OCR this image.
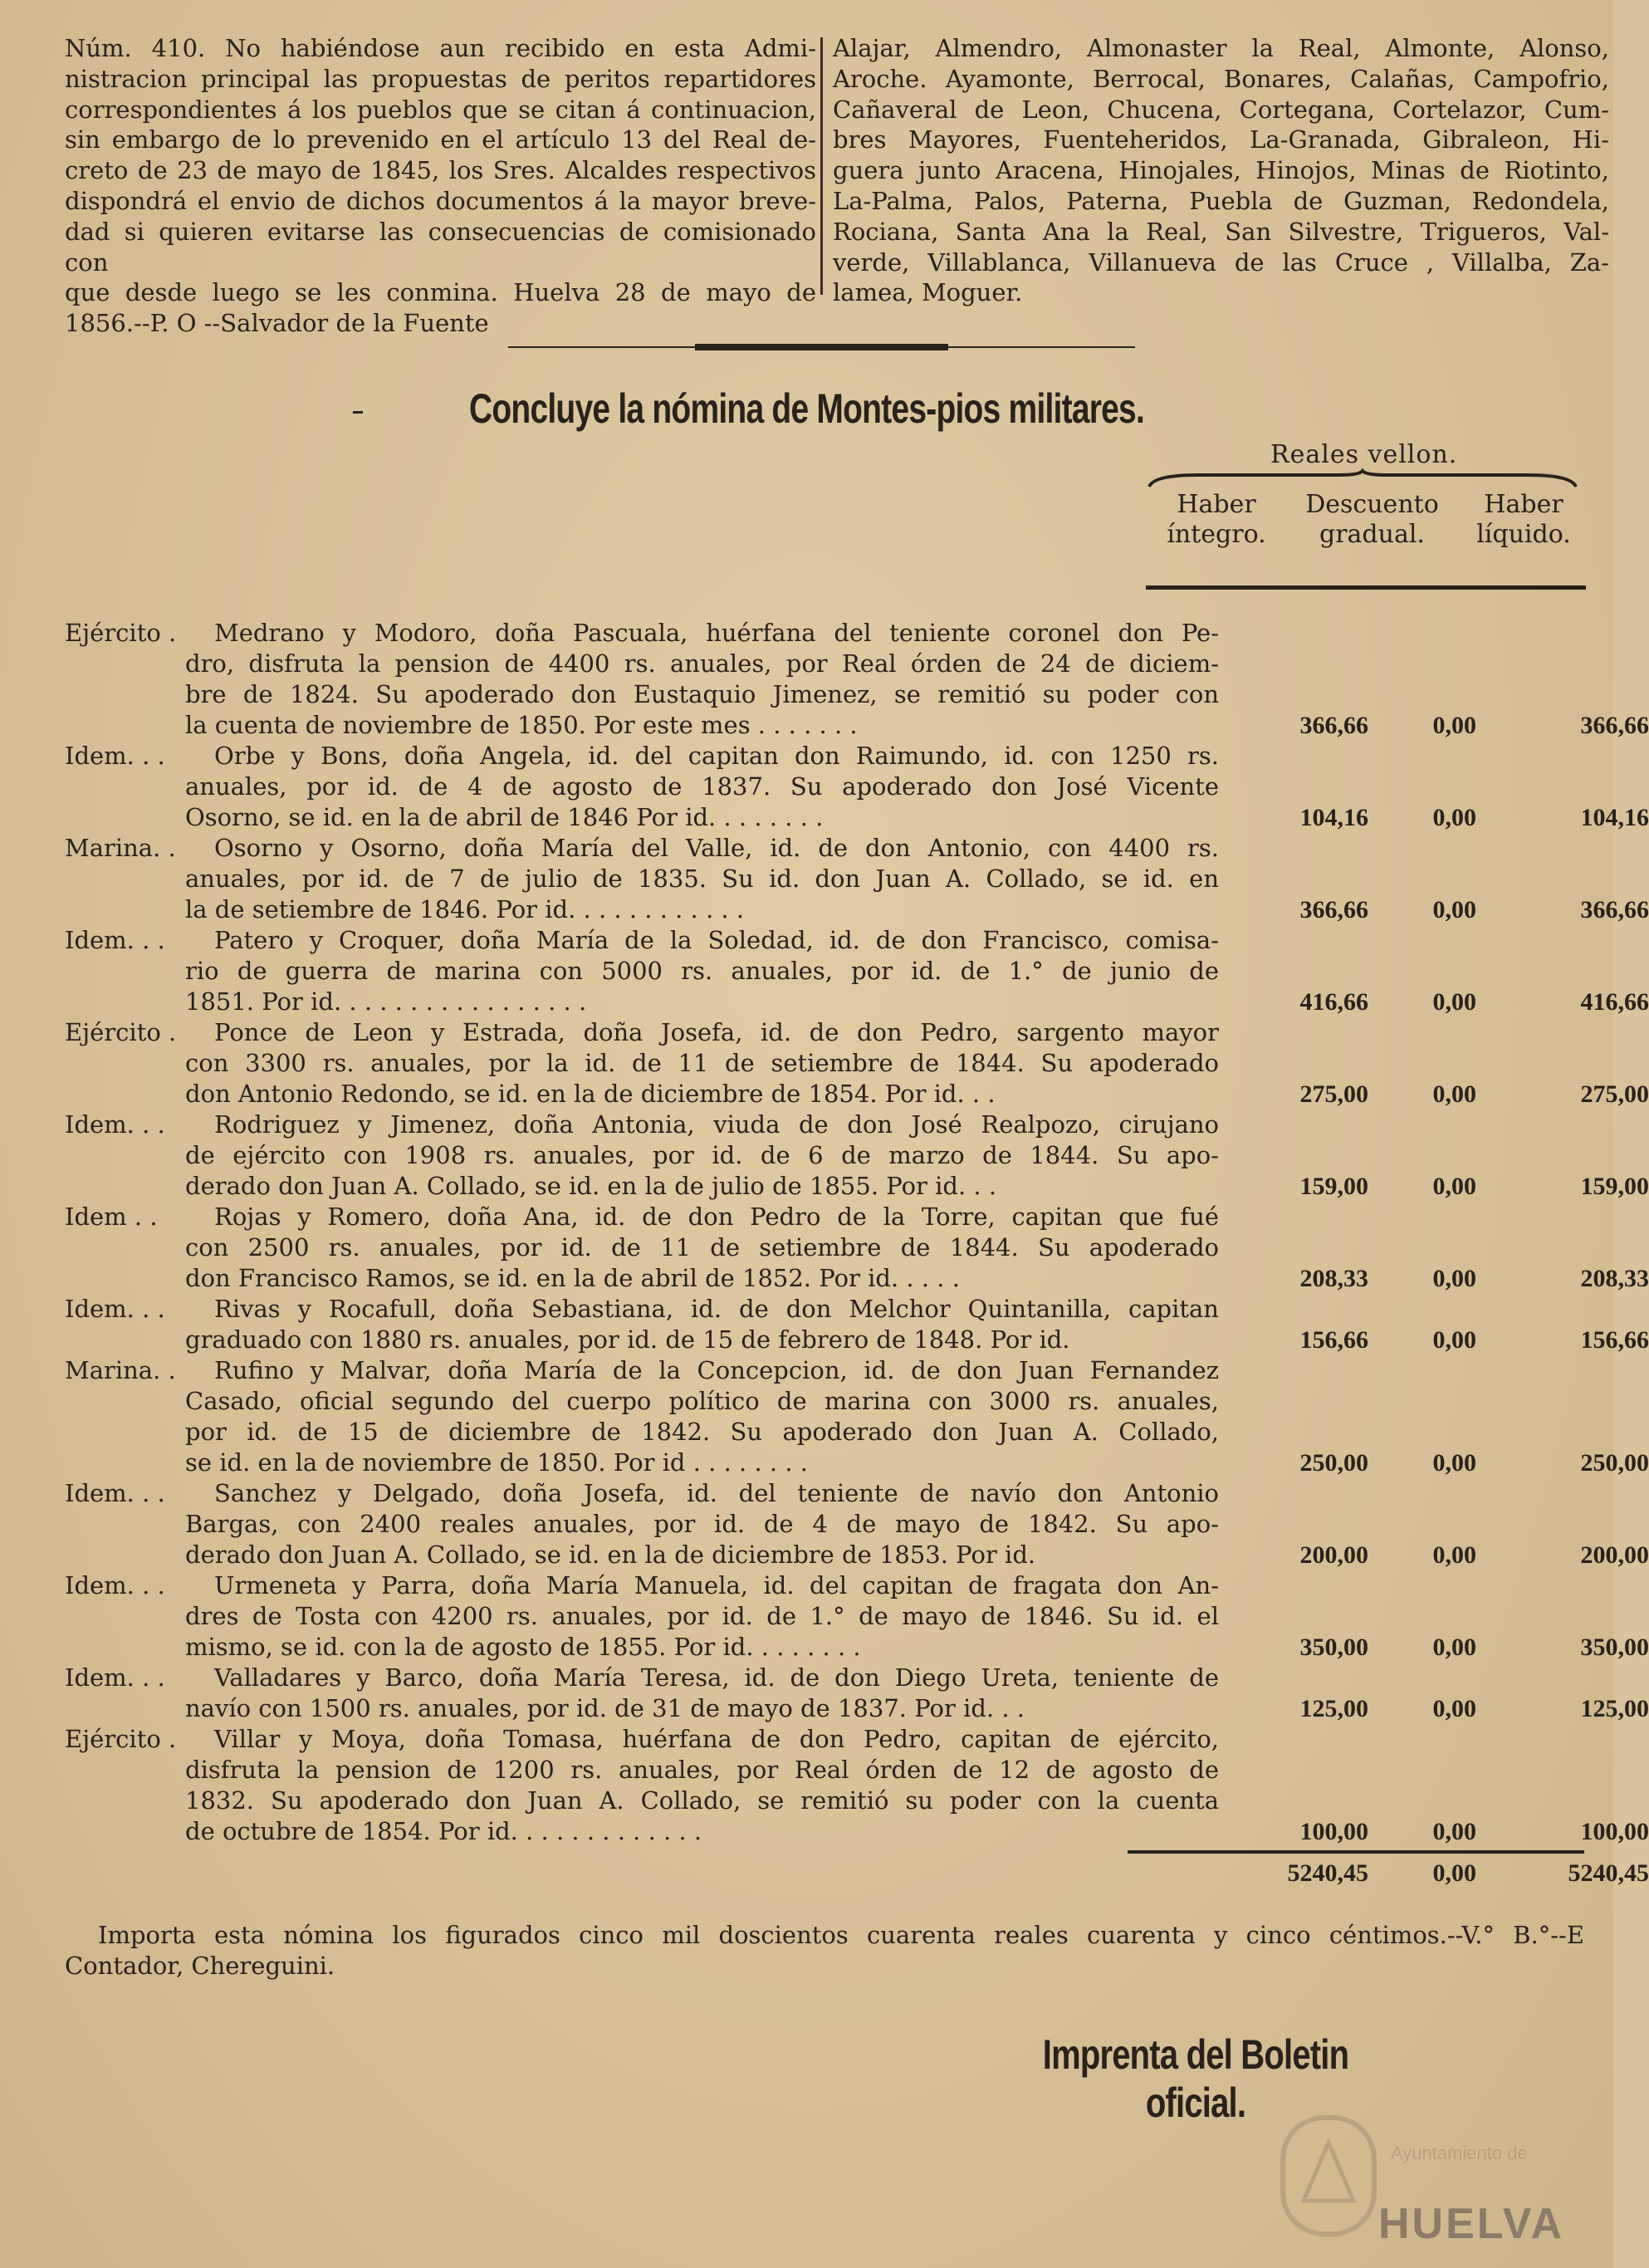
Núm. 410. No habiéndose aun recibido en esta Admi-
nistracion principal las propuestas de peritos repartidores
correspondientes á los pueblos que se citan á continuacion,
sin embargo de lo prevenido en el artículo 13 del Real de-
creto de 23 de mayo de 1845, los Sres. Alcaldes respectivos
dispondrá el envio de dichos documentos á la mayor breve-
dad si quieren evitarse las consecuencias de comisionado con
que desde luego se les conmina. Huelva 28 de mayo de
1856.--P. O --Salvador de la Fuente
Alajar, Almendro, Almonaster la Real, Almonte, Alonso,
Aroche. Ayamonte, Berrocal, Bonares, Calañas, Campofrio,
Cañaveral de Leon, Chucena, Cortegana, Cortelazor, Cum-
bres Mayores, Fuenteheridos, La-Granada, Gibraleon, Hi-
guera junto Aracena, Hinojales, Hinojos, Minas de Riotinto,
La-Palma, Palos, Paterna, Puebla de Guzman, Redondela,
Rociana, Santa Ana la Real, San Silvestre, Trigueros, Val-
verde, Villablanca, Villanueva de las Cruce , Villalba, Za-
lamea, Moguer.
Concluye la nómina de Montes-pios militares.
Reales vellon.
Haber
íntegro.
Descuento
gradual.
Haber
líquido.
Ejército . Medrano y Modoro, doña Pascuala, huérfana del teniente coronel don Pe-
dro, disfruta la pension de 4400 rs. anuales, por Real órden de 24 de diciem-
bre de 1824. Su apoderado don Eustaquio Jimenez, se remitió su poder con
la cuenta de noviembre de 1850. Por este mes . . . . . . .	366,66	0,00	366,66
Idem. . .	Orbe y Bons, doña Angela, id. del capitan don Raimundo, id. con 1250 rs.
anuales, por id. de 4 de agosto de 1837. Su apoderado don José Vicente
Osorno, se id. en la de abril de 1846 Por id. . . . . . . .	104,16	0,00	104,16
Marina. . Osorno y Osorno, doña María del Valle, id. de don Antonio, con 4400 rs.
anuales, por id. de 7 de julio de 1835. Su id. don Juan A. Collado, se id. en
la de setiembre de 1846. Por id. . . . . . . . . . . .	366,66	0,00	366,66
Idem. . .	Patero y Croquer, doña María de la Soledad, id. de don Francisco, comisa-
rio de guerra de marina con 5000 rs. anuales, por id. de 1.° de junio de
1851. Por id. . . . . . . . . . . . . . . . .	416,66	0,00	416,66
Ejército . Ponce de Leon y Estrada, doña Josefa, id. de don Pedro, sargento mayor
con 3300 rs. anuales, por la id. de 11 de setiembre de 1844. Su apoderado
don Antonio Redondo, se id. en la de diciembre de 1854. Por id. . .	275,00	0,00	275,00
Idem. . .	Rodriguez y Jimenez, doña Antonia, viuda de don José Realpozo, cirujano
de ejército con 1908 rs. anuales, por id. de 6 de marzo de 1844. Su apo-
derado don Juan A. Collado, se id. en la de julio de 1855. Por id. . .	159,00	0,00	159,00
Idem . .	Rojas y Romero, doña Ana, id. de don Pedro de la Torre, capitan que fué
con 2500 rs. anuales, por id. de 11 de setiembre de 1844. Su apoderado
don Francisco Ramos, se id. en la de abril de 1852. Por id. . . . .	208,33	0,00	208,33
Idem. . .	Rivas y Rocafull, doña Sebastiana, id. de don Melchor Quintanilla, capitan
graduado con 1880 rs. anuales, por id. de 15 de febrero de 1848. Por id.	156,66	0,00	156,66
Marina. . Rufino y Malvar, doña María de la Concepcion, id. de don Juan Fernandez
Casado, oficial segundo del cuerpo político de marina con 3000 rs. anuales,
por id. de 15 de diciembre de 1842. Su apoderado don Juan A. Collado,
se id. en la de noviembre de 1850. Por id . . . . . . . .	250,00	0,00	250,00
Idem. . .	Sanchez y Delgado, doña Josefa, id. del teniente de navío don Antonio
Bargas, con 2400 reales anuales, por id. de 4 de mayo de 1842. Su apo-
derado don Juan A. Collado, se id. en la de diciembre de 1853. Por id.	200,00	0,00	200,00
Idem. . .	Urmeneta y Parra, doña María Manuela, id. del capitan de fragata don An-
dres de Tosta con 4200 rs. anuales, por id. de 1.° de mayo de 1846. Su id. el
mismo, se id. con la de agosto de 1855. Por id. . . . . . . .	350,00	0,00	350,00
Idem. . .	Valladares y Barco, doña María Teresa, id. de don Diego Ureta, teniente de
navío con 1500 rs. anuales, por id. de 31 de mayo de 1837. Por id. . .	125,00	0,00	125,00
Ejército . Villar y Moya, doña Tomasa, huérfana de don Pedro, capitan de ejército,
disfruta la pension de 1200 rs. anuales, por Real órden de 12 de agosto de
1832. Su apoderado don Juan A. Collado, se remitió su poder con la cuenta
de octubre de 1854. Por id. . . . . . . . . . . . .	100,00	0,00	100,00
5240,45	0,00	5240,45
Importa esta nómina los figurados cinco mil doscientos cuarenta reales cuarenta y cinco céntimos.--V.° B.°--E
Contador, Chereguini.
Imprenta del Boletin oficial.
Ayuntamiento de
HUELVA
